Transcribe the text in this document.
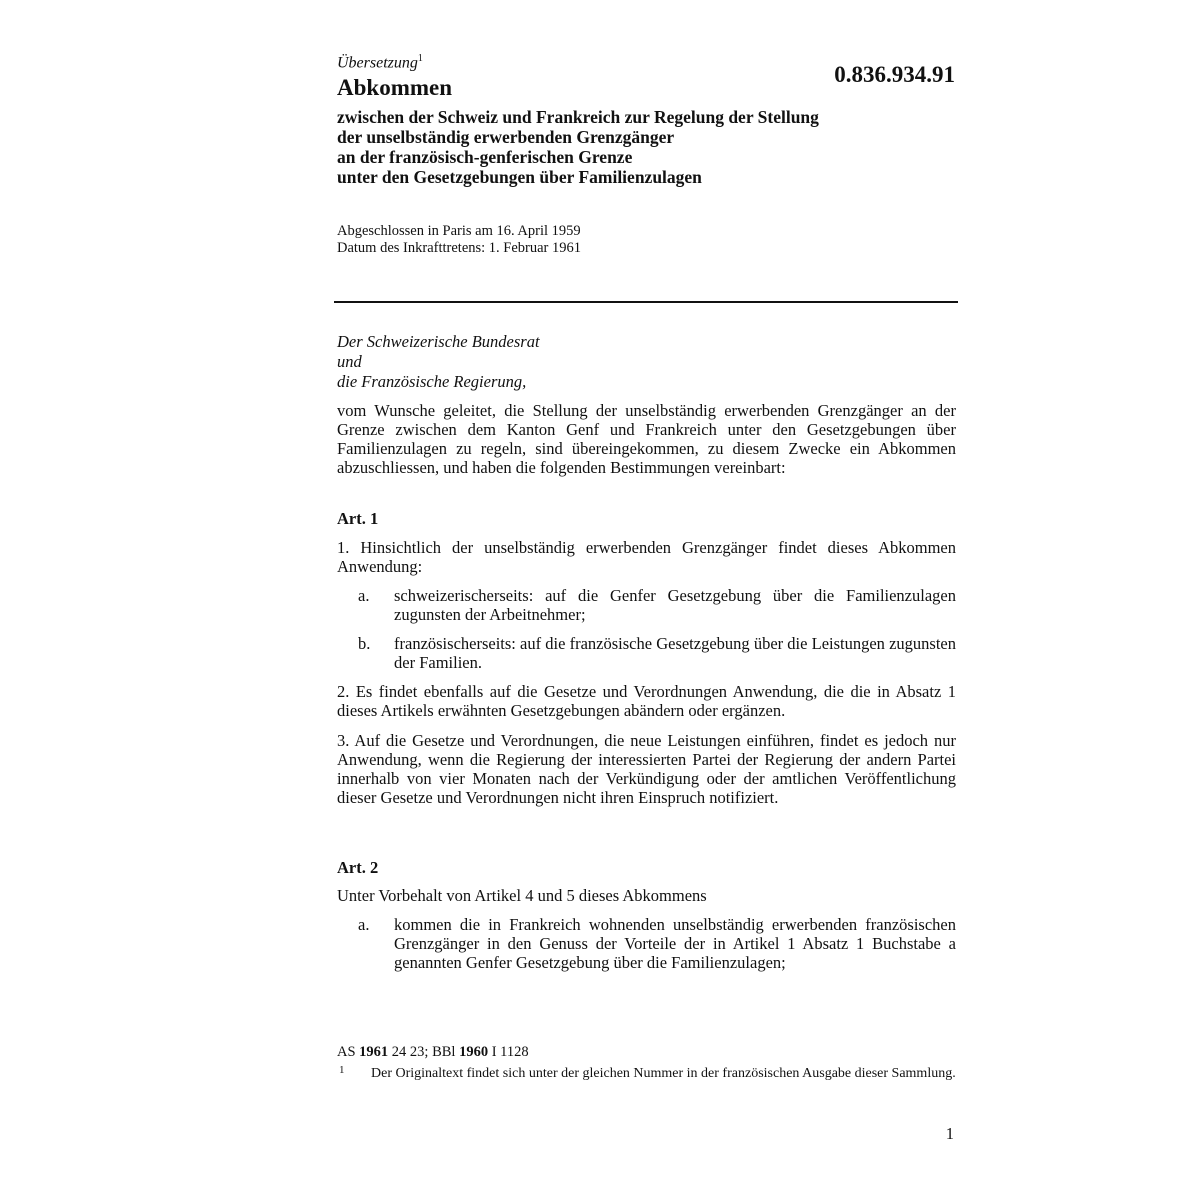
Übersetzung$^1$
Abkommen
0.836.934.91
zwischen der Schweiz und Frankreich zur Regelung der Stellung
der unselbständig erwerbenden Grenzgänger
an der französisch-genferischen Grenze
unter den Gesetzgebungen über Familienzulagen
Abgeschlossen in Paris am 16. April 1959
Datum des Inkrafttretens: 1. Februar 1961
Der Schweizerische Bundesrat
und
die Französische Regierung,
vom Wunsche geleitet, die Stellung der unselbständig erwerbenden Grenzgänger an der Grenze zwischen dem Kanton Genf und Frankreich unter den Gesetzgebungen über Familienzulagen zu regeln, sind übereingekommen, zu diesem Zwecke ein Abkommen abzuschliessen, und haben die folgenden Bestimmungen vereinbart:
Art. 1
1. Hinsichtlich der unselbständig erwerbenden Grenzgänger findet dieses Abkommen Anwendung:
a. schweizerischerseits: auf die Genfer Gesetzgebung über die Familienzulagen zugunsten der Arbeitnehmer;
b. französischerseits: auf die französische Gesetzgebung über die Leistungen zugunsten der Familien.
2. Es findet ebenfalls auf die Gesetze und Verordnungen Anwendung, die die in Absatz 1 dieses Artikels erwähnten Gesetzgebungen abändern oder ergänzen.
3. Auf die Gesetze und Verordnungen, die neue Leistungen einführen, findet es jedoch nur Anwendung, wenn die Regierung der interessierten Partei der Regierung der andern Partei innerhalb von vier Monaten nach der Verkündigung oder der amtlichen Veröffentlichung dieser Gesetze und Verordnungen nicht ihren Einspruch notifiziert.
Art. 2
Unter Vorbehalt von Artikel 4 und 5 dieses Abkommens
a. kommen die in Frankreich wohnenden unselbständig erwerbenden französischen Grenzgänger in den Genuss der Vorteile der in Artikel 1 Absatz 1 Buchstabe a genannten Genfer Gesetzgebung über die Familienzulagen;
AS 1961 24 23; BBl 1960 I 1128
1 Der Originaltext findet sich unter der gleichen Nummer in der französischen Ausgabe dieser Sammlung.
1
